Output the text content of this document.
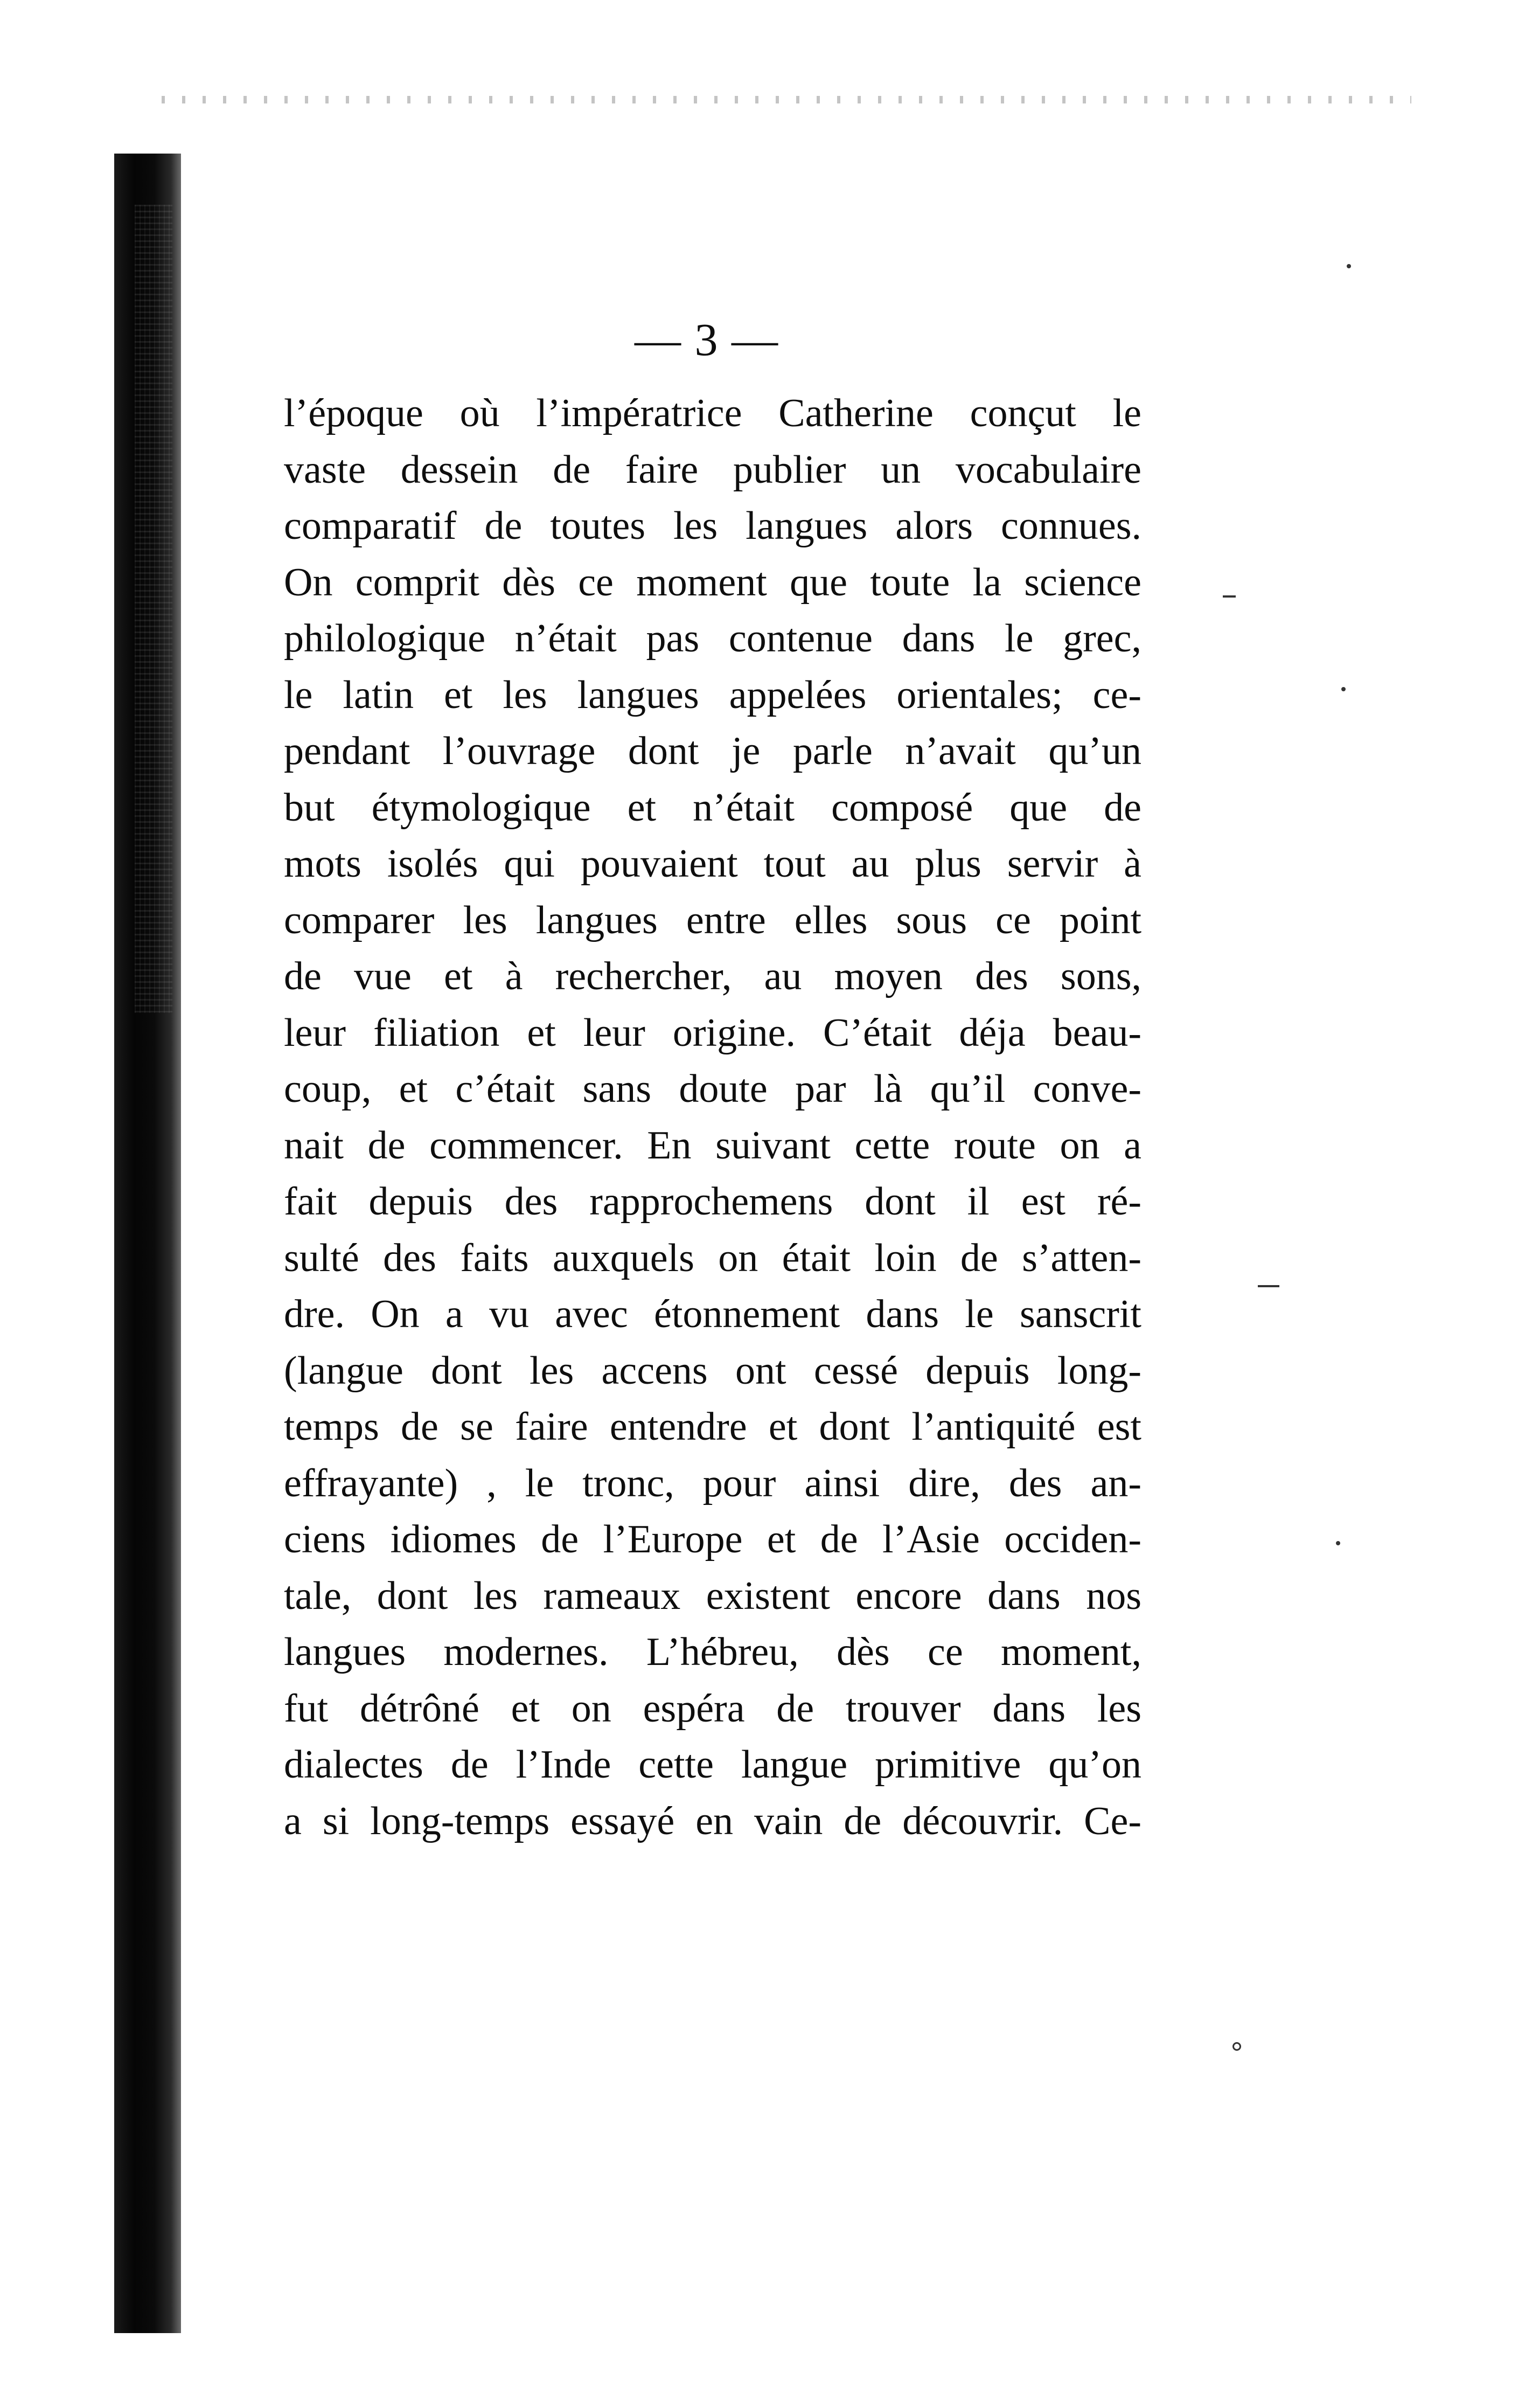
— 3 —
l’époque où l’impératrice Catherine conçut le
vaste dessein de faire publier un vocabulaire
comparatif de toutes les langues alors connues.
On comprit dès ce moment que toute la science
philologique n’était pas contenue dans le grec,
le latin et les langues appelées orientales; ce-
pendant l’ouvrage dont je parle n’avait qu’un
but étymologique et n’était composé que de
mots isolés qui pouvaient tout au plus servir à
comparer les langues entre elles sous ce point
de vue et à rechercher, au moyen des sons,
leur filiation et leur origine. C’était déja beau-
coup, et c’était sans doute par là qu’il conve-
nait de commencer. En suivant cette route on a
fait depuis des rapprochemens dont il est ré-
sulté des faits auxquels on était loin de s’atten-
dre. On a vu avec étonnement dans le sanscrit
(langue dont les accens ont cessé depuis long-
temps de se faire entendre et dont l’antiquité est
effrayante) , le tronc, pour ainsi dire, des an-
ciens idiomes de l’Europe et de l’Asie occiden-
tale, dont les rameaux existent encore dans nos
langues modernes. L’hébreu, dès ce moment,
fut détrôné et on espéra de trouver dans les
dialectes de l’Inde cette langue primitive qu’on
a si long-temps essayé en vain de découvrir. Ce-
